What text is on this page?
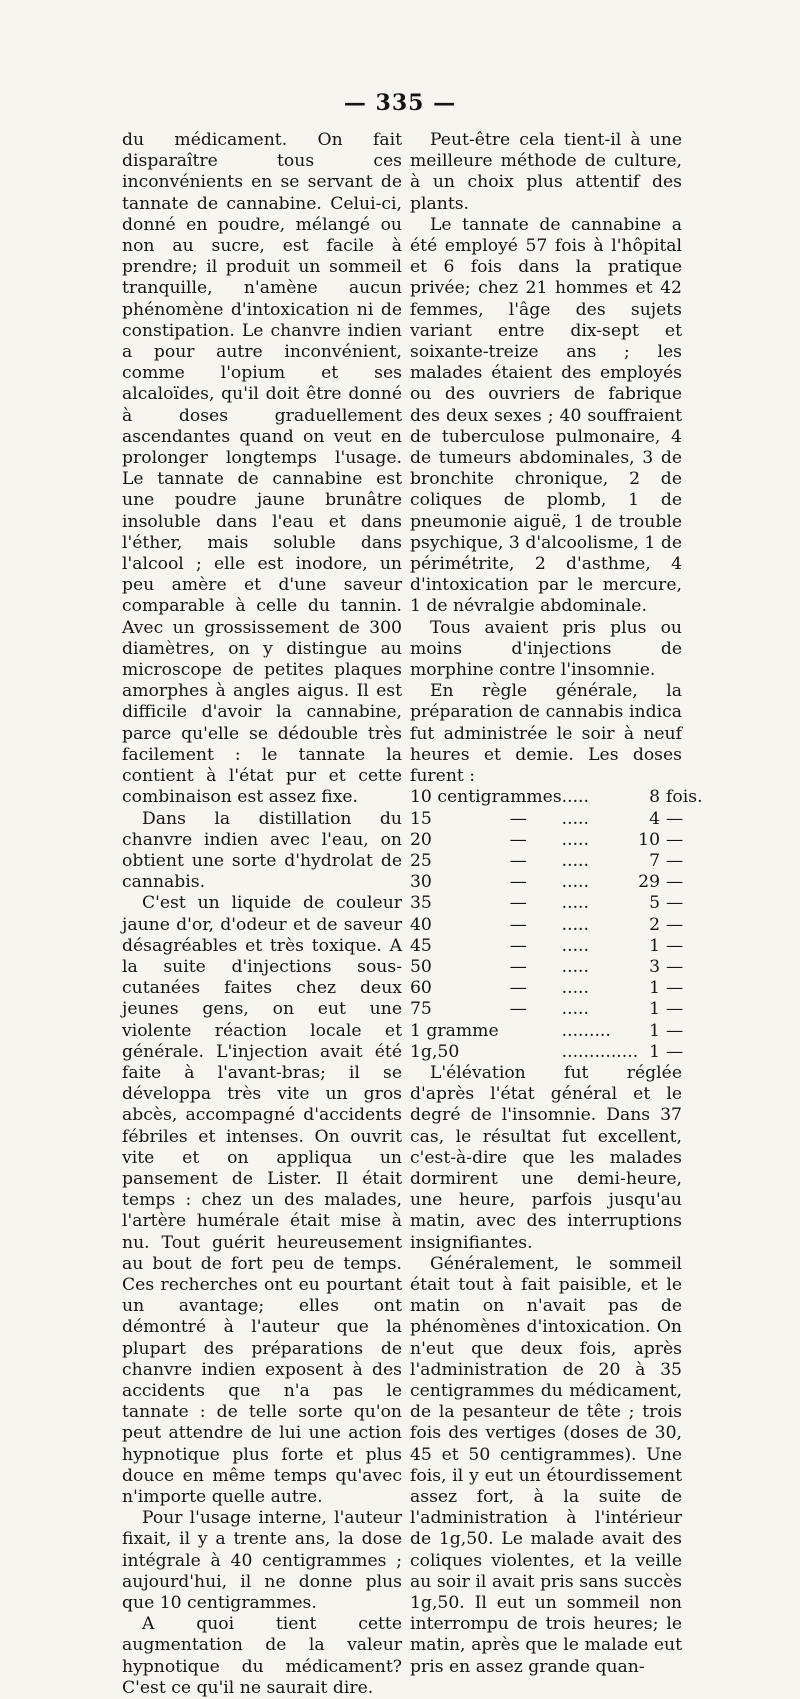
— 335 —

du médicament. On fait disparaître tous ces inconvénients en se servant de tannate de cannabine. Celui-ci, donné en poudre, mélangé ou non au sucre, est facile à prendre; il produit un sommeil tranquille, n'amène aucun phénomène d'intoxication ni de constipation. Le chanvre indien a pour autre inconvénient, comme l'opium et ses alcaloïdes, qu'il doit être donné à doses graduellement ascendantes quand on veut en prolonger longtemps l'usage. Le tannate de cannabine est une poudre jaune brunâtre insoluble dans l'eau et dans l'éther, mais soluble dans l'alcool ; elle est inodore, un peu amère et d'une saveur comparable à celle du tannin. Avec un grossissement de 300 diamètres, on y distingue au microscope de petites plaques amorphes à angles aigus. Il est difficile d'avoir la cannabine, parce qu'elle se dédouble très facilement : le tannate la contient à l'état pur et cette combinaison est assez fixe.

Dans la distillation du chanvre indien avec l'eau, on obtient une sorte d'hydrolat de cannabis.

C'est un liquide de couleur jaune d'or, d'odeur et de saveur désagréables et très toxique. A la suite d'injections sous-cutanées faites chez deux jeunes gens, on eut une violente réaction locale et générale. L'injection avait été faite à l'avant-bras; il se développa très vite un gros abcès, accompagné d'accidents fébriles et intenses. On ouvrit vite et on appliqua un pansement de Lister. Il était temps : chez un des malades, l'artère humérale était mise à nu. Tout guérit heureusement au bout de fort peu de temps. Ces recherches ont eu pourtant un avantage; elles ont démontré à l'auteur que la plupart des préparations de chanvre indien exposent à des accidents que n'a pas le tannate : de telle sorte qu'on peut attendre de lui une action hypnotique plus forte et plus douce en même temps qu'avec n'importe quelle autre.

Pour l'usage interne, l'auteur fixait, il y a trente ans, la dose intégrale à 40 centigrammes ; aujourd'hui, il ne donne plus que 10 centigrammes.

A quoi tient cette augmentation de la valeur hypnotique du médicament? C'est ce qu'il ne saurait dire.

Peut-être cela tient-il à une meilleure méthode de culture, à un choix plus attentif des plants.

Le tannate de cannabine a été employé 57 fois à l'hôpital et 6 fois dans la pratique privée; chez 21 hommes et 42 femmes, l'âge des sujets variant entre dix-sept et soixante-treize ans ; les malades étaient des employés ou des ouvriers de fabrique des deux sexes ; 40 souffraient de tuberculose pulmonaire, 4 de tumeurs abdominales, 3 de bronchite chronique, 2 de coliques de plomb, 1 de pneumonie aiguë, 1 de trouble psychique, 3 d'alcoolisme, 1 de périmétrite, 2 d'asthme, 4 d'intoxication par le mercure, 1 de névralgie abdominale.

Tous avaient pris plus ou moins d'injections de morphine contre l'insomnie.

En règle générale, la préparation de cannabis indica fut administrée le soir à neuf heures et demie. Les doses furent :

10 centigrammes		.....	8	fois.
15	—	.....	4	—
20	—	.....	10	—
25	—	.....	7	—
30	—	.....	29	—
35	—	.....	5	—
40	—	.....	2	—
45	—	.....	1	—
50	—	.....	3	—
60	—	.....	1	—
75	—	.....	1	—
1 gramme		.........	1	—
1g,50		..............	1	—

L'élévation fut réglée d'après l'état général et le degré de l'insomnie. Dans 37 cas, le résultat fut excellent, c'est-à-dire que les malades dormirent une demi-heure, une heure, parfois jusqu'au matin, avec des interruptions insignifiantes.

Généralement, le sommeil était tout à fait paisible, et le matin on n'avait pas de phénomènes d'intoxication. On n'eut que deux fois, après l'administration de 20 à 35 centigrammes du médicament, de la pesanteur de tête ; trois fois des vertiges (doses de 30, 45 et 50 centigrammes). Une fois, il y eut un étourdissement assez fort, à la suite de l'administration à l'intérieur de 1g,50. Le malade avait des coliques violentes, et la veille au soir il avait pris sans succès 1g,50. Il eut un sommeil non interrompu de trois heures; le matin, après que le malade eut pris en assez grande quan-
